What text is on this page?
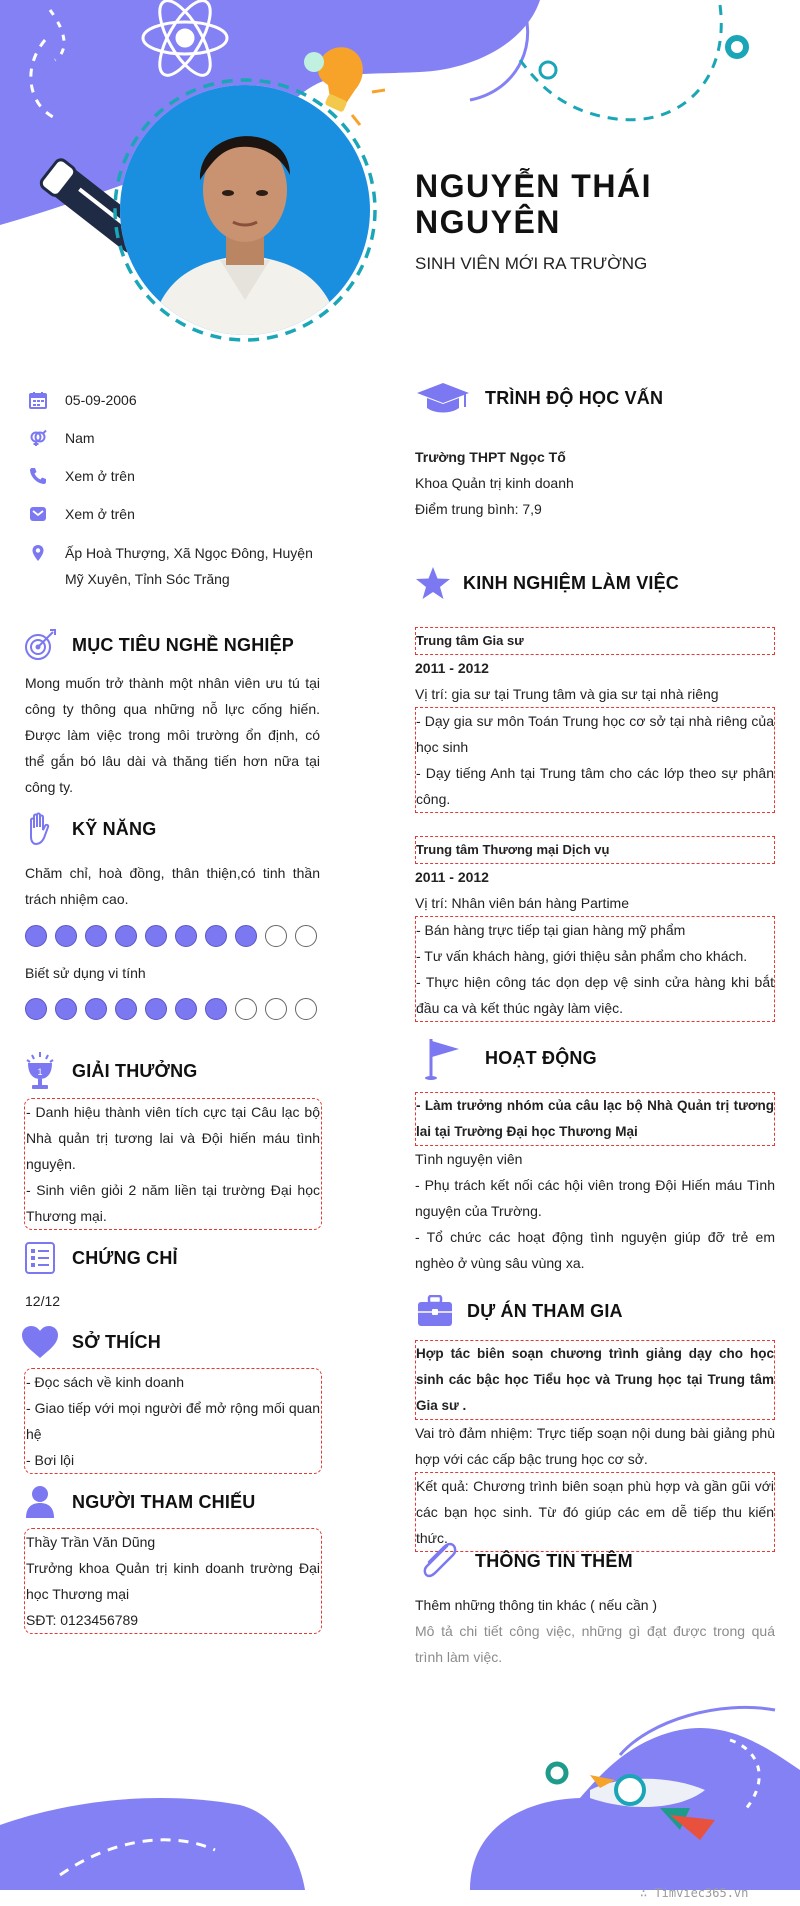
NGUYỄN THÁI NGUYÊN
SINH VIÊN MỚI RA TRƯỜNG
05-09-2006
Nam
Xem ở trên
Xem ở trên
Ấp Hoà Thượng, Xã Ngọc Đông, Huyện Mỹ Xuyên, Tỉnh Sóc Trăng
MỤC TIÊU NGHỀ NGHIỆP
Mong muốn trở thành một nhân viên ưu tú tại công ty thông qua những nỗ lực cống hiến. Được làm việc trong môi trường ổn định, có thể gắn bó lâu dài và thăng tiến hơn nữa tại công ty.
KỸ NĂNG
Chăm chỉ, hoà đồng, thân thiện,có tinh thần trách nhiệm cao.
Biết sử dụng vi tính
1 GIẢI THƯỞNG
- Danh hiệu thành viên tích cực tại Câu lạc bộ Nhà quản trị tương lai và Đội hiến máu tình nguyện.
- Sinh viên giỏi 2 năm liền tại trường Đại học Thương mại.
CHỨNG CHỈ
12/12
SỞ THÍCH
- Đọc sách về kinh doanh
- Giao tiếp với mọi người để mở rộng mối quan hệ
- Bơi lội
NGƯỜI THAM CHIẾU
Thầy Trần Văn Dũng
Trưởng khoa Quản trị kinh doanh trường Đại học Thương mại
SĐT: 0123456789
TRÌNH ĐỘ HỌC VẤN
Trường THPT Ngọc Tố
Khoa Quản trị kinh doanh
Điểm trung bình: 7,9
KINH NGHIỆM LÀM VIỆC
Trung tâm Gia sư
2011 - 2012
Vị trí: gia sư tại Trung tâm và gia sư tại nhà riêng
- Dạy gia sư môn Toán Trung học cơ sở tại nhà riêng của học sinh
- Dạy tiếng Anh tại Trung tâm cho các lớp theo sự phân công.
Trung tâm Thương mại Dịch vụ
2011 - 2012
Vị trí: Nhân viên bán hàng Partime
- Bán hàng trực tiếp tại gian hàng mỹ phẩm
- Tư vấn khách hàng, giới thiệu sản phẩm cho khách.
- Thực hiện công tác dọn dẹp vệ sinh cửa hàng khi bắt đầu ca và kết thúc ngày làm việc.
HOẠT ĐỘNG
- Làm trưởng nhóm của câu lạc bộ Nhà Quản trị tương lai tại Trường Đại học Thương Mại
Tình nguyện viên
- Phụ trách kết nối các hội viên trong Đội Hiến máu Tình nguyện của Trường.
- Tổ chức các hoạt động tình nguyện giúp đỡ trẻ em nghèo ở vùng sâu vùng xa.
DỰ ÁN THAM GIA
Hợp tác biên soạn chương trình giảng dạy cho học sinh các bậc học Tiểu học và Trung học tại Trung tâm Gia sư .
Vai trò đảm nhiệm: Trực tiếp soạn nội dung bài giảng phù hợp với các cấp bậc trung học cơ sở.
Kết quả: Chương trình biên soạn phù hợp và gần gũi với các bạn học sinh. Từ đó giúp các em dễ tiếp thu kiến thức.
THÔNG TIN THÊM
Thêm những thông tin khác ( nếu cần )
Mô tả chi tiết công việc, những gì đạt được trong quá trình làm việc.
∴ Timviec365.vn
